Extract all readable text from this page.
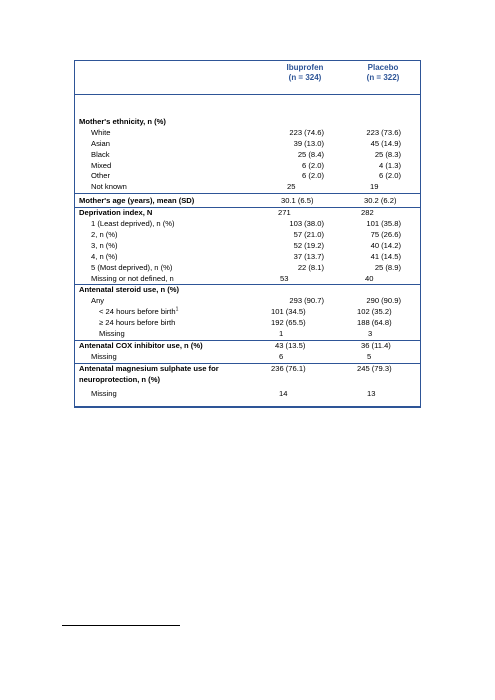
Ibuprofen
(n = 324)
Placebo
(n = 322)
Mother's ethnicity, n (%)
White	223 (74.6)	223 (73.6)
Asian	39 (13.0)	45 (14.9)
Black	25 (8.4)	25 (8.3)
Mixed	6 (2.0)	4 (1.3)
Other	6 (2.0)	6 (2.0)
Not known	25	19
Mother's age (years), mean (SD)	30.1 (6.5)	30.2 (6.2)
Deprivation index, N	271	282
1 (Least deprived), n (%)	103 (38.0)	101 (35.8)
2, n (%)	57 (21.0)	75 (26.6)
3, n (%)	52 (19.2)	40 (14.2)
4, n (%)	37 (13.7)	41 (14.5)
5 (Most deprived), n (%)	22 (8.1)	25 (8.9)
Missing or not defined, n	53	40
Antenatal steroid use, n (%)
Any	293 (90.7)	290 (90.9)
< 24 hours before birth$^1$	101 (34.5)	102 (35.2)
≥ 24 hours before birth	192 (65.5)	188 (64.8)
Missing	1	3
Antenatal COX inhibitor use, n (%)	43 (13.5)	36 (11.4)
Missing	6	5
Antenatal magnesium sulphate use for
neuroprotection, n (%)
236 (76.1)	245 (79.3)
Missing	14	13
